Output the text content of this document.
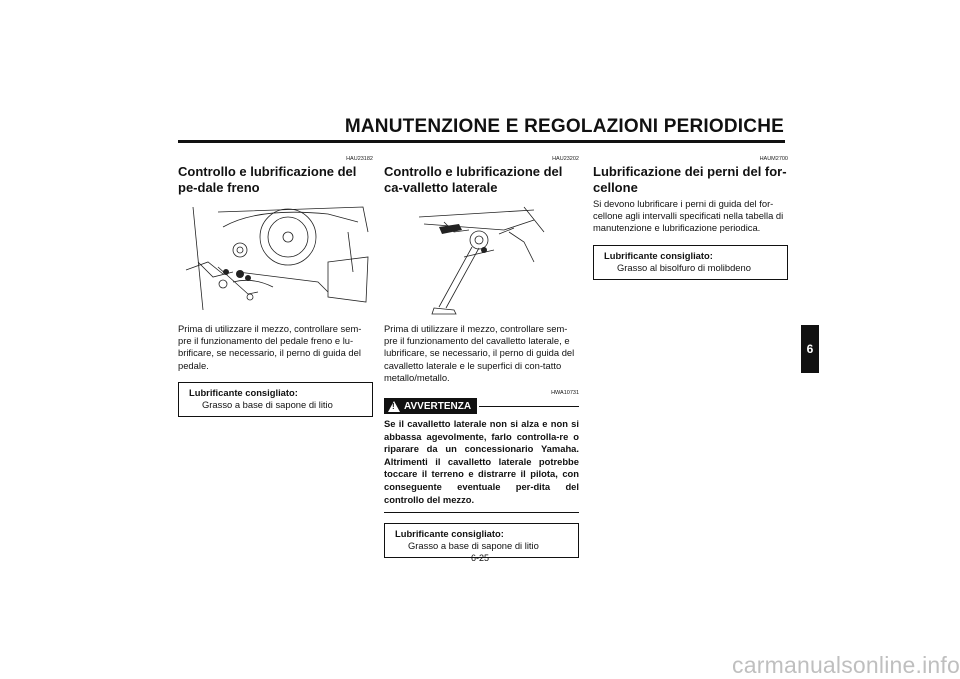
MANUTENZIONE E REGOLAZIONI PERIODICHE
HAU23182
Controllo e lubrificazione del pe-dale freno
Prima di utilizzare il mezzo, controllare sem-pre il funzionamento del pedale freno e lu-brificare, se necessario, il perno di guida del pedale.
Lubrificante consigliato:
Grasso a base di sapone di litio
HAU23202
Controllo e lubrificazione del ca-valletto laterale
Prima di utilizzare il mezzo, controllare sem-pre il funzionamento del cavalletto laterale, e lubrificare, se necessario, il perno di guida del cavalletto laterale e le superfici di con-tatto metallo/metallo.
HWA10731
! AVVERTENZA
Se il cavalletto laterale non si alza e non si abbassa agevolmente, farlo controlla-re o riparare da un concessionario Yamaha. Altrimenti il cavalletto laterale potrebbe toccare il terreno e distrarre il pilota, con conseguente eventuale per-dita del controllo del mezzo.
Lubrificante consigliato:
Grasso a base di sapone di litio
HAUM2700
Lubrificazione dei perni del for-cellone
Si devono lubrificare i perni di guida del for-cellone agli intervalli specificati nella tabella di manutenzione e lubrificazione periodica.
Lubrificante consigliato:
Grasso al bisolfuro di molibdeno
6-25
6
carmanualsonline.info
